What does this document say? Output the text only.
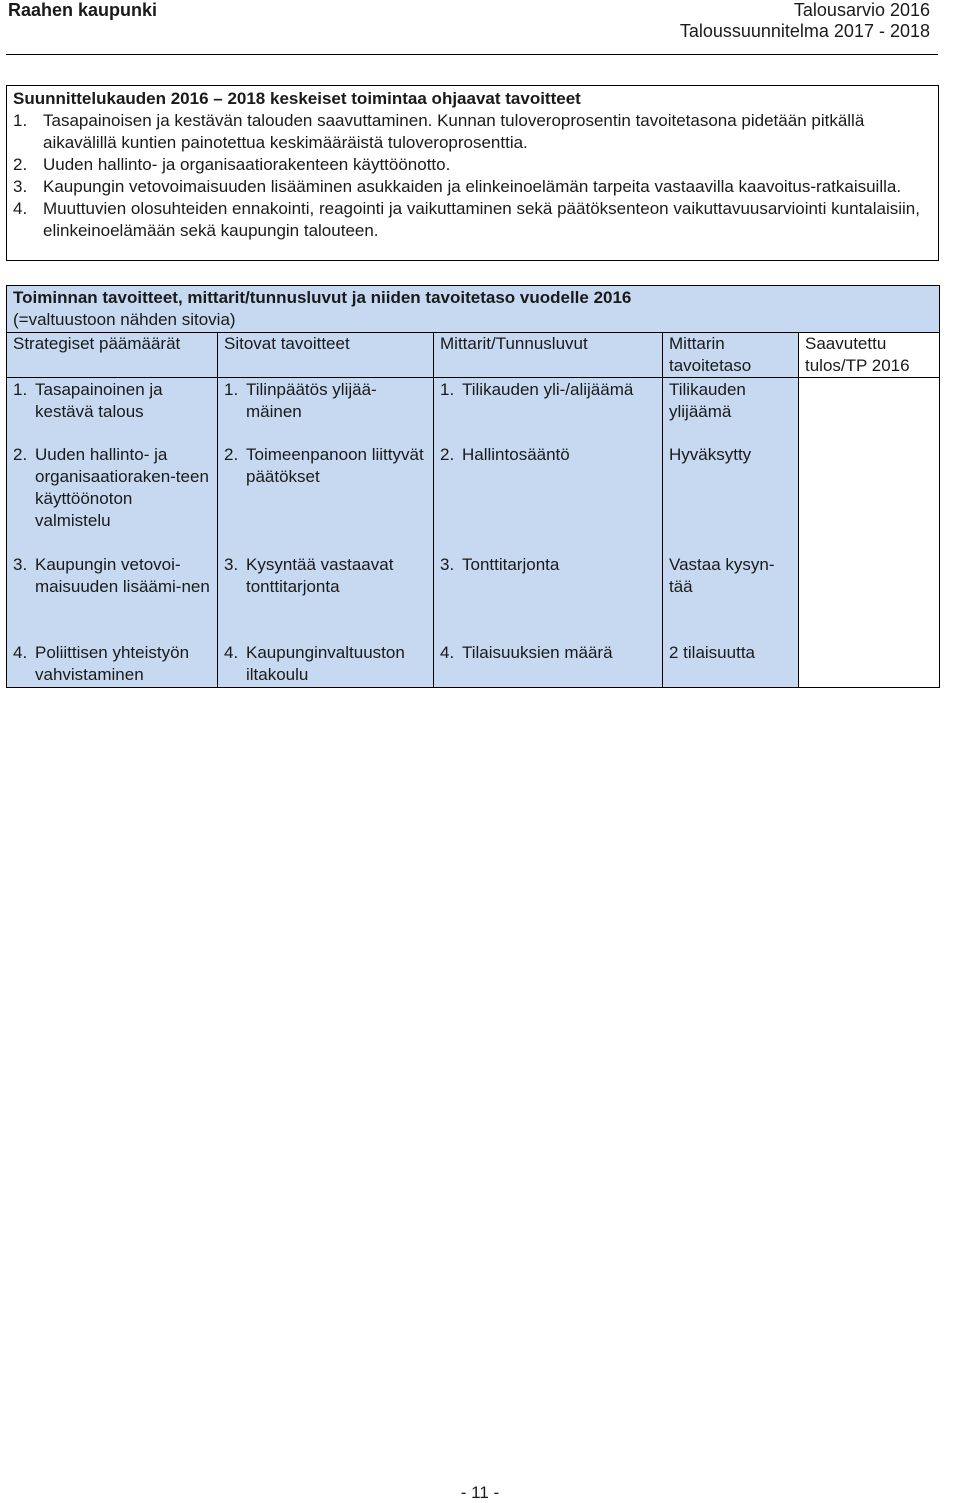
Raahen kaupunki	Talousarvio 2016
Taloussuunnitelma 2017 - 2018
Suunnittelukauden 2016 – 2018 keskeiset toimintaa ohjaavat tavoitteet
1. Tasapainoisen ja kestävän talouden saavuttaminen. Kunnan tuloveroprosentin tavoitetasona pidetään pitkällä aikavälillä kuntien painotettua keskimääräistä tuloveroprosenttia.
2. Uuden hallinto- ja organisaatiorakenteen käyttöönotto.
3. Kaupungin vetovoimaisuuden lisääminen asukkaiden ja elinkeinoelämän tarpeita vastaavilla kaavoitus-ratkaisuilla.
4. Muuttuvien olosuhteiden ennakointi, reagointi ja vaikuttaminen sekä päätöksenteon vaikuttavuusarviointi kuntalaisiin, elinkeinoelämään sekä kaupungin talouteen.
Toiminnan tavoitteet, mittarit/tunnusluvut ja niiden tavoitetaso vuodelle 2016
(=valtuustoon nähden sitovia)				

Strategiset päämäärät	Sitovat tavoitteet	Mittarit/Tunnusluvut	Mittarin tavoitetaso	Saavutettu tulos/TP 2016

1. Tasapainoinen ja kestävä talous	1. Tilinpäätös ylijää-mäinen	1. Tilikauden yli-/alijäämä	Tilikauden ylijäämä	

2. Uuden hallinto- ja organisaatioraken-teen käyttöönoton valmistelu	2. Toimeenpanoon liittyvät päätökset	2. Hallintosääntö	Hyväksytty	

3. Kaupungin vetovoi-maisuuden lisäämi-nen	3. Kysyntää vastaavat tonttitarjonta	3. Tonttitarjonta	Vastaa kysyn-tää	

4. Poliittisen yhteistyön vahvistaminen	4. Kaupunginvaltuuston iltakoulu	4. Tilaisuuksien määrä	2 tilaisuutta	
- 11 -
